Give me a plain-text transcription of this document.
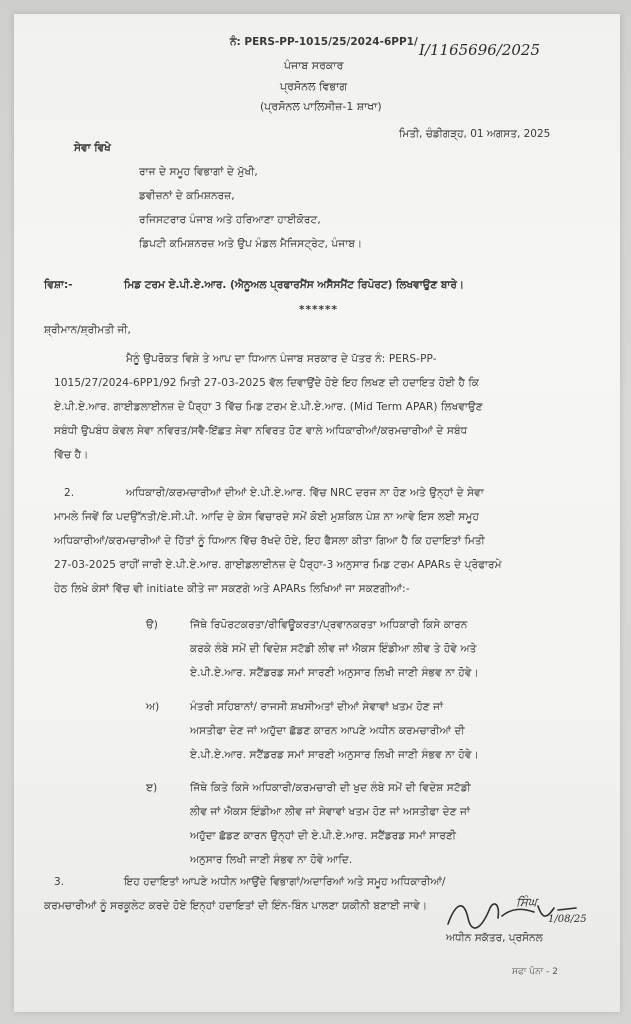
ਨੰ: PERS-PP-1015/25/2024-6PP1/ I/1165696/2025
ਪੰਜਾਬ ਸਰਕਾਰ
ਪ੍ਰਸੋਨਲ ਵਿਭਾਗ
(ਪ੍ਰਸੋਨਲ ਪਾਲਿਸੀਜ਼-1 ਸ਼ਾਖਾ)
ਮਿਤੀ, ਚੰਡੀਗੜ੍ਹ, 01 ਅਗਸਤ, 2025
ਸੇਵਾ ਵਿਖੇ
ਰਾਜ ਦੇ ਸਮੂਹ ਵਿਭਾਗਾਂ ਦੇ ਮੁੱਖੀ,
ਡਵੀਜ਼ਨਾਂ ਦੇ ਕਮਿਸ਼ਨਰਜ਼,
ਰਜਿਸਟਰਾਰ ਪੰਜਾਬ ਅਤੇ ਹਰਿਆਣਾ ਹਾਈਕੋਰਟ,
ਡਿਪਟੀ ਕਮਿਸ਼ਨਰਜ਼ ਅਤੇ ਉਪ ਮੰਡਲ ਮੈਜਿਸਟ੍ਰੇਟ, ਪੰਜਾਬ।
ਵਿਸ਼ਾ:-	ਮਿਡ ਟਰਮ ਏ.ਪੀ.ਏ.ਆਰ. (ਐਨੂਅਲ ਪ੍ਰਫਾਰਮੈਂਸ ਅਸੈੱਸਮੈਂਟ ਰਿਪੋਰਟ) ਲਿਖਵਾਉਣ ਬਾਰੇ।
******
ਸ਼੍ਰੀਮਾਨ/ਸ਼੍ਰੀਮਤੀ ਜੀ,
ਮੈਨੂੰ ਉਪਰੋਕਤ ਵਿਸ਼ੇ ਤੇ ਆਪ ਦਾ ਧਿਆਨ ਪੰਜਾਬ ਸਰਕਾਰ ਦੇ ਪੱਤਰ ਨੰ: PERS-PP-
1015/27/2024-6PP1/92 ਮਿਤੀ 27-03-2025 ਵੱਲ ਦਿਵਾਉਂਦੇ ਹੋਏ ਇਹ ਲਿਖਣ ਦੀ ਹਦਾਇਤ ਹੋਈ ਹੈ ਕਿ
ਏ.ਪੀ.ਏ.ਆਰ. ਗਾਈਡਲਾਈਨਜ਼ ਦੇ ਪੈਰ੍ਹਾ 3 ਵਿੱਚ ਮਿਡ ਟਰਮ ਏ.ਪੀ.ਏ.ਆਰ. (Mid Term APAR) ਲਿਖਵਾਉਣ
ਸਬੰਧੀ ਉਪਬੰਧ ਕੇਵਲ ਸੇਵਾ ਨਵਿਰਤ/ਸਵੈ-ਇੱਛਤ ਸੇਵਾ ਨਵਿਰਤ ਹੋਣ ਵਾਲੇ ਅਧਿਕਾਰੀਆਂ/ਕਰਮਚਾਰੀਆਂ ਦੇ ਸਬੰਧ
ਵਿੱਚ ਹੈ।
2.	ਅਧਿਕਾਰੀ/ਕਰਮਚਾਰੀਆਂ ਦੀਆਂ ਏ.ਪੀ.ਏ.ਆਰ. ਵਿੱਚ NRC ਦਰਜ ਨਾ ਹੋਣ ਅਤੇ ਉਨ੍ਹਾਂ ਦੇ ਸੇਵਾ
ਮਾਮਲੇ ਜਿਵੇਂ ਕਿ ਪਦਉੱਨਤੀ/ਏ.ਸੀ.ਪੀ. ਆਦਿ ਦੇ ਕੇਸ ਵਿਚਾਰਦੇ ਸਮੇਂ ਕੋਈ ਮੁਸ਼ਕਿਲ ਪੇਸ਼ ਨਾ ਆਵੇ ਇਸ ਲਈ ਸਮੂਹ
ਅਧਿਕਾਰੀਆਂ/ਕਰਮਚਾਰੀਆਂ ਦੇ ਹਿੱਤਾਂ ਨੂੰ ਧਿਆਨ ਵਿੱਚ ਰੱਖਦੇ ਹੋਏ, ਇਹ ਫੈਸਲਾ ਕੀਤਾ ਗਿਆ ਹੈ ਕਿ ਹਦਾਇਤਾਂ ਮਿਤੀ
27-03-2025 ਰਾਹੀਂ ਜਾਰੀ ਏ.ਪੀ.ਏ.ਆਰ. ਗਾਈਡਲਾਈਨਜ਼ ਦੇ ਪੈਰ੍ਹਾ-3 ਅਨੁਸਾਰ ਮਿਡ ਟਰਮ APARs ਦੇ ਪ੍ਰੋਫਾਰਮੇ
ਹੇਠ ਲਿਖੇ ਕੇਸਾਂ ਵਿੱਚ ਵੀ initiate ਕੀਤੇ ਜਾ ਸਕਣਗੇ ਅਤੇ APARs ਲਿਖਿਆਂ ਜਾ ਸਕਣਗੀਆਂ:-
ੳ)	ਜਿੱਥੇ ਰਿਪੋਰਟਕਰਤਾ/ਰੀਵਿਊਕਰਤਾ/ਪ੍ਰਵਾਨਕਰਤਾ ਅਧਿਕਾਰੀ ਕਿਸੇ ਕਾਰਨ
ਕਰਕੇ ਲੰਬੇ ਸਮੇਂ ਦੀ ਵਿਦੇਸ਼ ਸਟੱਡੀ ਲੀਵ ਜਾਂ ਐਕਸ ਇੰਡੀਆ ਲੀਵ ਤੇ ਹੋਵੇ ਅਤੇ
ਏ.ਪੀ.ਏ.ਆਰ. ਸਟੈਂਡਰਡ ਸਮਾਂ ਸਾਰਣੀ ਅਨੁਸਾਰ ਲਿਖੀ ਜਾਣੀ ਸੰਭਵ ਨਾ ਹੋਵੇ।
ਅ)	ਮੰਤਰੀ ਸਹਿਬਾਨਾਂ/ ਰਾਜਸੀ ਸ਼ਖਸੀਅਤਾਂ ਦੀਆਂ ਸੇਵਾਵਾਂ ਖਤਮ ਹੋਣ ਜਾਂ
ਅਸਤੀਫਾ ਦੇਣ ਜਾਂ ਅਹੁੱਦਾ ਛੱਡਣ ਕਾਰਨ ਆਪਣੇ ਅਧੀਨ ਕਰਮਚਾਰੀਆਂ ਦੀ
ਏ.ਪੀ.ਏ.ਆਰ. ਸਟੈਂਡਰਡ ਸਮਾਂ ਸਾਰਣੀ ਅਨੁਸਾਰ ਲਿਖੀ ਜਾਣੀ ਸੰਭਵ ਨਾ ਹੋਵੇ।
ੲ)	ਜਿੱਥੇ ਕਿਤੇ ਕਿਸੇ ਅਧਿਕਾਰੀ/ਕਰਮਚਾਰੀ ਦੀ ਖੁਦ ਲੰਬੇ ਸਮੇਂ ਦੀ ਵਿਦੇਸ਼ ਸਟੱਡੀ
ਲੀਵ ਜਾਂ ਐਕਸ ਇੰਡੀਆ ਲੀਵ ਜਾਂ ਸੇਵਾਵਾਂ ਖਤਮ ਹੋਣ ਜਾਂ ਅਸਤੀਫਾ ਦੇਣ ਜਾਂ
ਅਹੁੱਦਾ ਛੱਡਣ ਕਾਰਨ ਉਨ੍ਹਾਂ ਦੀ ਏ.ਪੀ.ਏ.ਆਰ. ਸਟੈਂਡਰਡ ਸਮਾਂ ਸਾਰਣੀ
ਅਨੁਸਾਰ ਲਿਖੀ ਜਾਣੀ ਸੰਭਵ ਨਾ ਹੋਵੇ ਆਦਿ.
3.	ਇਹ ਹਦਾਇਤਾਂ ਆਪਣੇ ਅਧੀਨ ਆਉਂਦੇ ਵਿਭਾਗਾਂ/ਅਦਾਰਿਆਂ ਅਤੇ ਸਮੂਹ ਅਧਿਕਾਰੀਆਂ/
ਕਰਮਚਾਰੀਆਂ ਨੂੰ ਸਰਕੂਲੇਟ ਕਰਦੇ ਹੋਏ ਇਨ੍ਹਾਂ ਹਦਾਇਤਾਂ ਦੀ ਇੰਨ-ਬਿੰਨ ਪਾਲਣਾ ਯਕੀਨੀ ਬਣਾਈ ਜਾਵੇ।	ਸਿੰਘ
1/08/25
ਅਧੀਨ ਸਕੱਤਰ, ਪ੍ਰਸੋਨਲ
ਸਫਾ ਪੰਨਾ - 2
